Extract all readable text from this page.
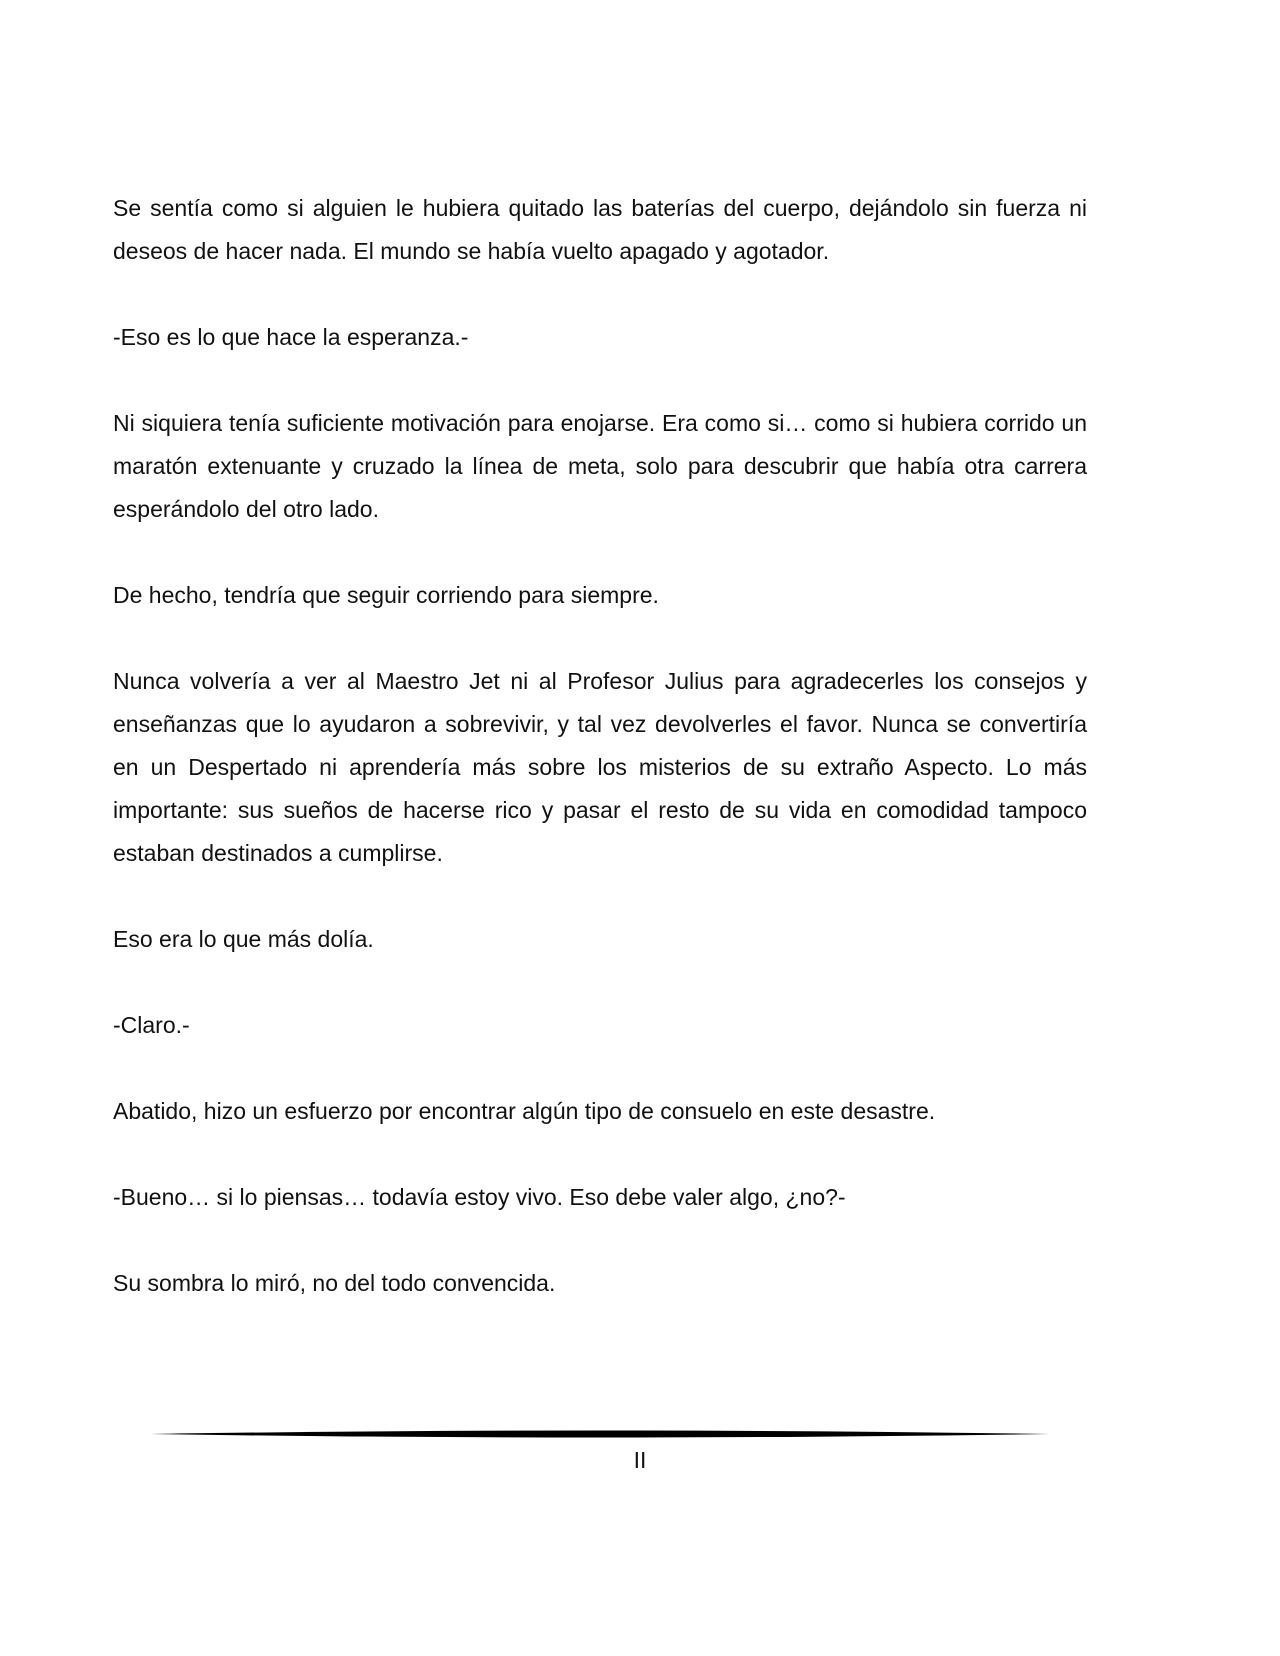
Se sentía como si alguien le hubiera quitado las baterías del cuerpo, dejándolo sin fuerza ni deseos de hacer nada. El mundo se había vuelto apagado y agotador.

-Eso es lo que hace la esperanza.-

Ni siquiera tenía suficiente motivación para enojarse. Era como si… como si hubiera corrido un maratón extenuante y cruzado la línea de meta, solo para descubrir que había otra carrera esperándolo del otro lado.

De hecho, tendría que seguir corriendo para siempre.

Nunca volvería a ver al Maestro Jet ni al Profesor Julius para agradecerles los consejos y enseñanzas que lo ayudaron a sobrevivir, y tal vez devolverles el favor. Nunca se convertiría en un Despertado ni aprendería más sobre los misterios de su extraño Aspecto. Lo más importante: sus sueños de hacerse rico y pasar el resto de su vida en comodidad tampoco estaban destinados a cumplirse.

Eso era lo que más dolía.

-Claro.-

Abatido, hizo un esfuerzo por encontrar algún tipo de consuelo en este desastre.

-Bueno… si lo piensas… todavía estoy vivo. Eso debe valer algo, ¿no?-

Su sombra lo miró, no del todo convencida.

II
